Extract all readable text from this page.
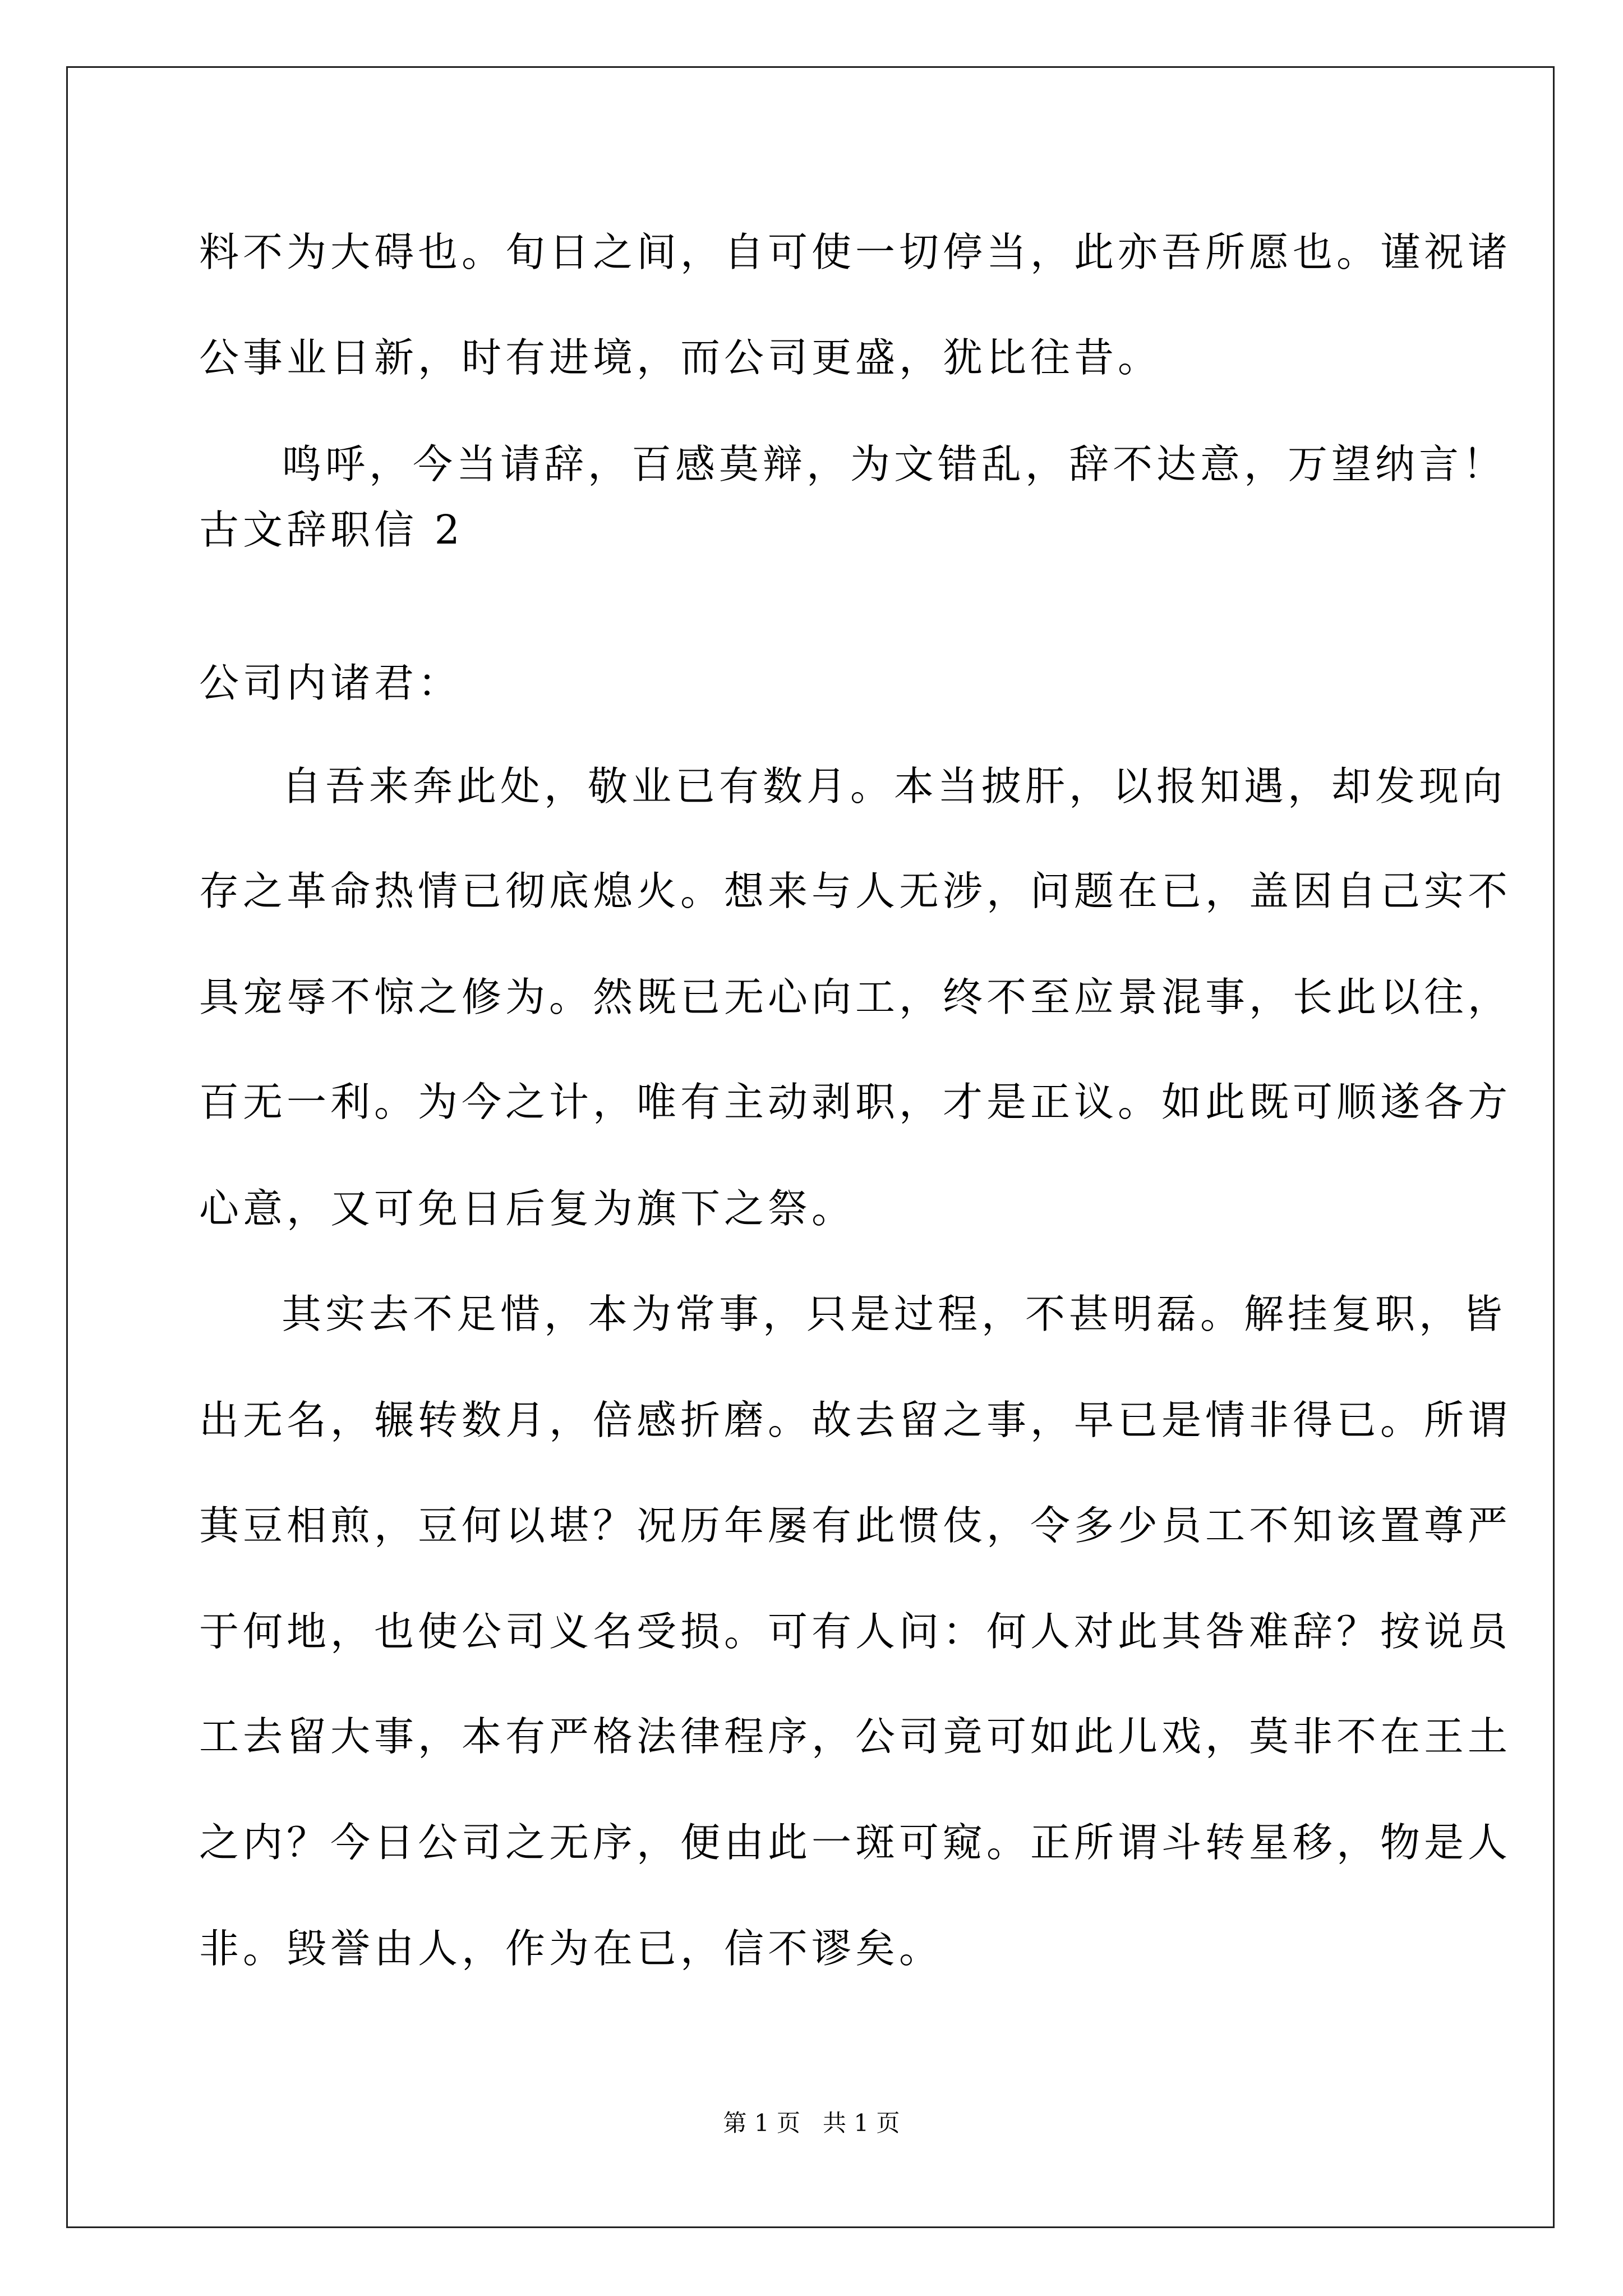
料不为大碍也。旬日之间，自可使一切停当，此亦吾所愿也。谨祝诸
公事业日新，时有进境，而公司更盛，犹比往昔。
鸣呼，今当请辞，百感莫辩，为文错乱，辞不达意，万望纳言！
古文辞职信 2
公司内诸君：
自吾来奔此处，敬业已有数月。本当披肝，以报知遇，却发现向
存之革命热情已彻底熄火。想来与人无涉，问题在已，盖因自己实不
具宠辱不惊之修为。然既已无心向工，终不至应景混事，长此以往，
百无一利。为今之计，唯有主动剥职，才是正议。如此既可顺遂各方
心意，又可免日后复为旗下之祭。
其实去不足惜，本为常事，只是过程，不甚明磊。解挂复职，皆
出无名，辗转数月，倍感折磨。故去留之事，早已是情非得已。所谓
萁豆相煎，豆何以堪？况历年屡有此惯伎，令多少员工不知该置尊严
于何地，也使公司义名受损。可有人问：何人对此其咎难辞？按说员
工去留大事，本有严格法律程序，公司竟可如此儿戏，莫非不在王土
之内？今日公司之无序，便由此一斑可窥。正所谓斗转星移，物是人
非。毁誉由人，作为在已，信不谬矣。
第 1 页   共 1 页
